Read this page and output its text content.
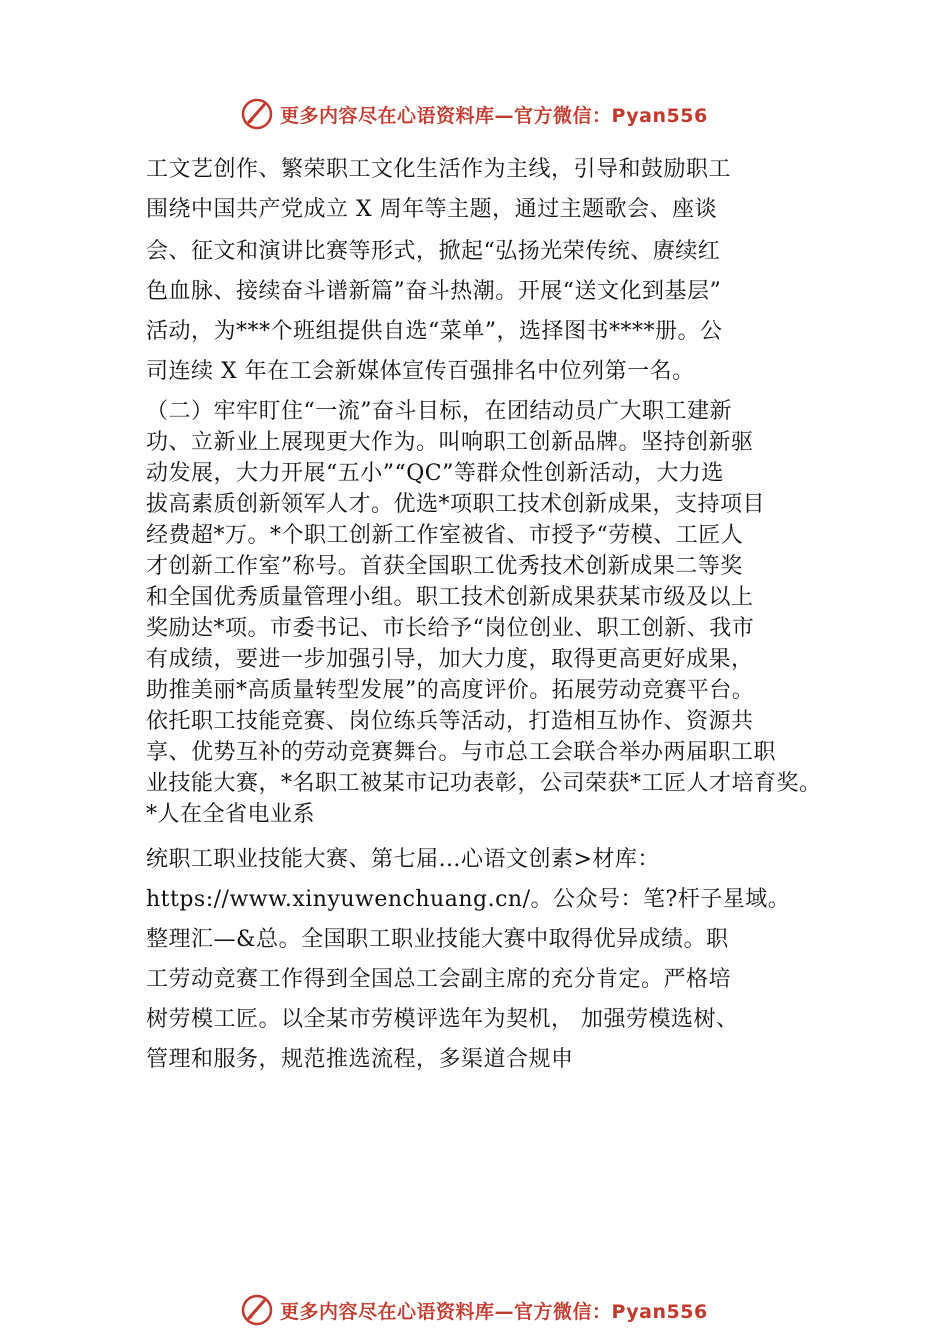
更多内容尽在心语资料库—官方微信：Pyan556
工文艺创作、繁荣职工文化生活作为主线，引导和鼓励职工
围绕中国共产党成立 X 周年等主题，通过主题歌会、座谈
会、征文和演讲比赛等形式，掀起“弘扬光荣传统、赓续红
色血脉、接续奋斗谱新篇”奋斗热潮。开展“送文化到基层”
活动，为***个班组提供自选“菜单”，选择图书****册。公
司连续 X 年在工会新媒体宣传百强排名中位列第一名。
（二）牢牢盯住“一流”奋斗目标，在团结动员广大职工建新
功、立新业上展现更大作为。叫响职工创新品牌。坚持创新驱
动发展，大力开展“五小”“QC”等群众性创新活动，大力选
拔高素质创新领军人才。优选*项职工技术创新成果，支持项目
经费超*万。*个职工创新工作室被省、市授予“劳模、工匠人
才创新工作室”称号。首获全国职工优秀技术创新成果二等奖
和全国优秀质量管理小组。职工技术创新成果获某市级及以上
奖励达*项。市委书记、市长给予“岗位创业、职工创新、我市
有成绩，要进一步加强引导，加大力度，取得更高更好成果，
助推美丽*高质量转型发展”的高度评价。拓展劳动竞赛平台。
依托职工技能竞赛、岗位练兵等活动，打造相互协作、资源共
享、优势互补的劳动竞赛舞台。与市总工会联合举办两届职工职
业技能大赛，*名职工被某市记功表彰，公司荣获*工匠人才培育奖。
*人在全省电业系
统职工职业技能大赛、第七届…心语文创素>材库：
https://www.xinyuwenchuang.cn/。公众号：笔?杆子星域。
整理汇—&总。全国职工职业技能大赛中取得优异成绩。职
工劳动竞赛工作得到全国总工会副主席的充分肯定。严格培
树劳模工匠。以全某市劳模评选年为契机， 加强劳模选树、
管理和服务，规范推选流程，多渠道合规申
更多内容尽在心语资料库—官方微信：Pyan556
